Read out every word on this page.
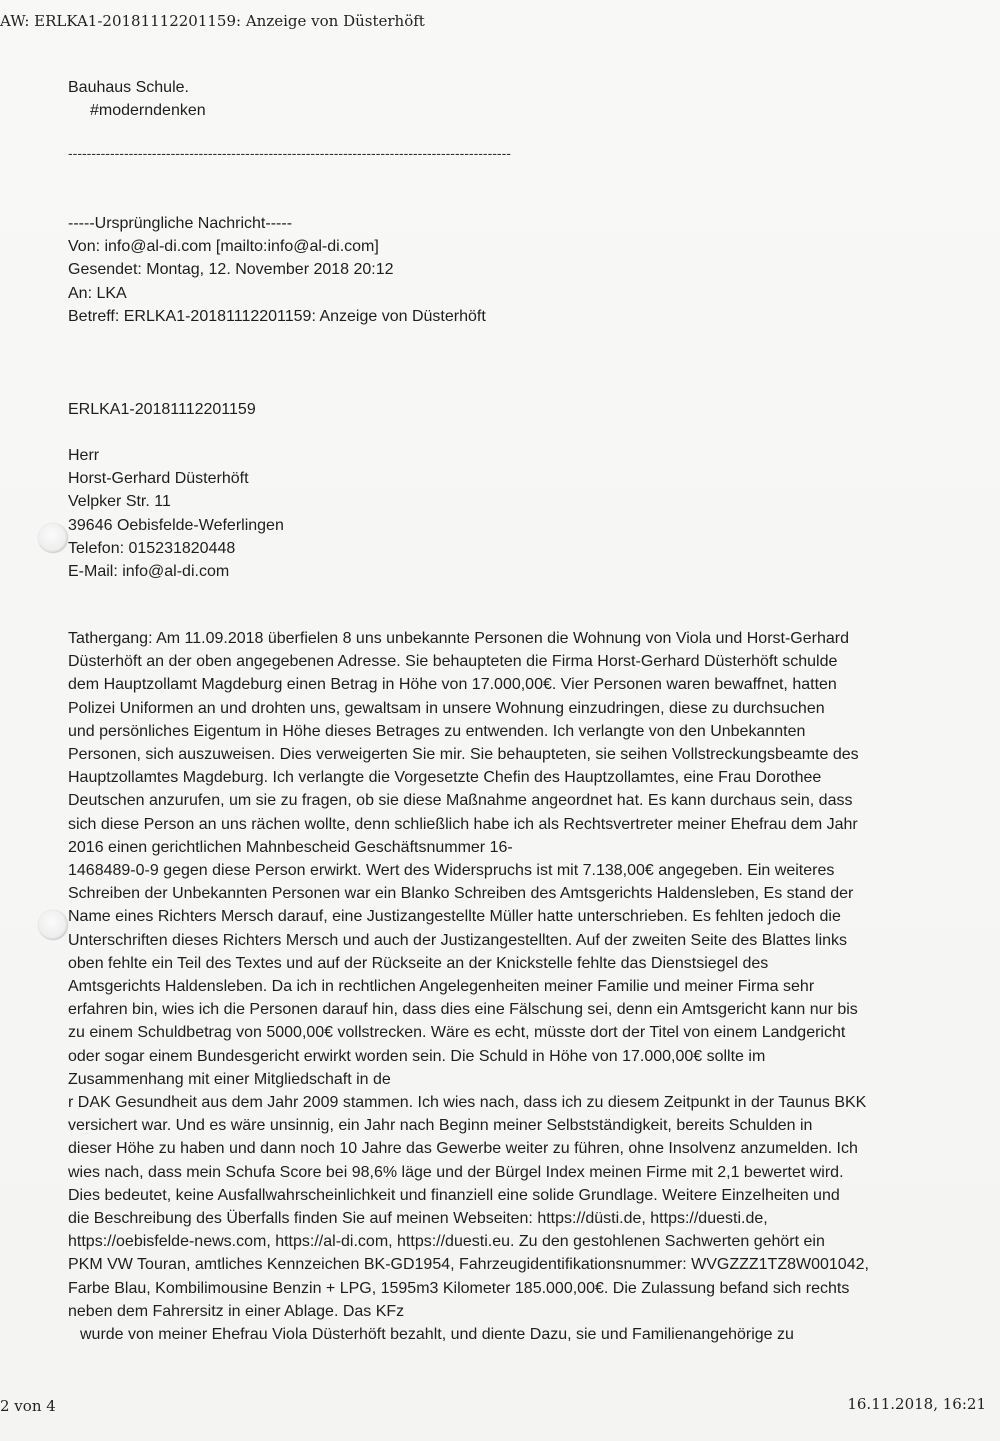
AW: ERLKA1-20181112201159: Anzeige von Düsterhöft
Bauhaus Schule.
#moderndenken
-----------------------------------------------------------------------------------------------
-----Ursprüngliche Nachricht-----
Von: info@al-di.com [mailto:info@al-di.com]
Gesendet: Montag, 12. November 2018 20:12
An: LKA
Betreff: ERLKA1-20181112201159: Anzeige von Düsterhöft
ERLKA1-20181112201159
Herr
Horst-Gerhard Düsterhöft
Velpker Str. 11
39646 Oebisfelde-Weferlingen
Telefon: 015231820448
E-Mail: info@al-di.com
Tathergang: Am 11.09.2018 überfielen 8 uns unbekannte Personen die Wohnung von Viola und Horst-Gerhard
Düsterhöft an der oben angegebenen Adresse. Sie behaupteten die Firma Horst-Gerhard Düsterhöft schulde
dem Hauptzollamt Magdeburg einen Betrag in Höhe von 17.000,00€. Vier Personen waren bewaffnet, hatten
Polizei Uniformen an und drohten uns, gewaltsam in unsere Wohnung einzudringen, diese zu durchsuchen
und persönliches Eigentum in Höhe dieses Betrages zu entwenden. Ich verlangte von den Unbekannten
Personen, sich auszuweisen. Dies verweigerten Sie mir. Sie behaupteten, sie seihen Vollstreckungsbeamte des
Hauptzollamtes Magdeburg. Ich verlangte die Vorgesetzte Chefin des Hauptzollamtes, eine Frau Dorothee
Deutschen anzurufen, um sie zu fragen, ob sie diese Maßnahme angeordnet hat. Es kann durchaus sein, dass
sich diese Person an uns rächen wollte, denn schließlich habe ich als Rechtsvertreter meiner Ehefrau dem Jahr
2016 einen gerichtlichen Mahnbescheid Geschäftsnummer 16-
1468489-0-9 gegen diese Person erwirkt. Wert des Widerspruchs ist mit 7.138,00€ angegeben. Ein weiteres
Schreiben der Unbekannten Personen war ein Blanko Schreiben des Amtsgerichts Haldensleben, Es stand der
Name eines Richters Mersch darauf, eine Justizangestellte Müller hatte unterschrieben. Es fehlten jedoch die
Unterschriften dieses Richters Mersch und auch der Justizangestellten. Auf der zweiten Seite des Blattes links
oben fehlte ein Teil des Textes und auf der Rückseite an der Knickstelle fehlte das Dienstsiegel des
Amtsgerichts Haldensleben. Da ich in rechtlichen Angelegenheiten meiner Familie und meiner Firma sehr
erfahren bin, wies ich die Personen darauf hin, dass dies eine Fälschung sei, denn ein Amtsgericht kann nur bis
zu einem Schuldbetrag von 5000,00€ vollstrecken. Wäre es echt, müsste dort der Titel von einem Landgericht
oder sogar einem Bundesgericht erwirkt worden sein. Die Schuld in Höhe von 17.000,00€ sollte im
Zusammenhang mit einer Mitgliedschaft in de
r DAK Gesundheit aus dem Jahr 2009 stammen. Ich wies nach, dass ich zu diesem Zeitpunkt in der Taunus BKK
versichert war. Und es wäre unsinnig, ein Jahr nach Beginn meiner Selbstständigkeit, bereits Schulden in
dieser Höhe zu haben und dann noch 10 Jahre das Gewerbe weiter zu führen, ohne Insolvenz anzumelden. Ich
wies nach, dass mein Schufa Score bei 98,6% läge und der Bürgel Index meinen Firme mit 2,1 bewertet wird.
Dies bedeutet, keine Ausfallwahrscheinlichkeit und finanziell eine solide Grundlage. Weitere Einzelheiten und
die Beschreibung des Überfalls finden Sie auf meinen Webseiten: https://düsti.de, https://duesti.de,
https://oebisfelde-news.com, https://al-di.com, https://duesti.eu. Zu den gestohlenen Sachwerten gehört ein
PKM VW Touran, amtliches Kennzeichen BK-GD1954, Fahrzeugidentifikationsnummer: WVGZZZ1TZ8W001042,
Farbe Blau, Kombilimousine Benzin + LPG, 1595m3 Kilometer 185.000,00€. Die Zulassung befand sich rechts
neben dem Fahrersitz in einer Ablage. Das KFz
wurde von meiner Ehefrau Viola Düsterhöft bezahlt, und diente Dazu, sie und Familienangehörige zu
2 von 4	16.11.2018, 16:21
